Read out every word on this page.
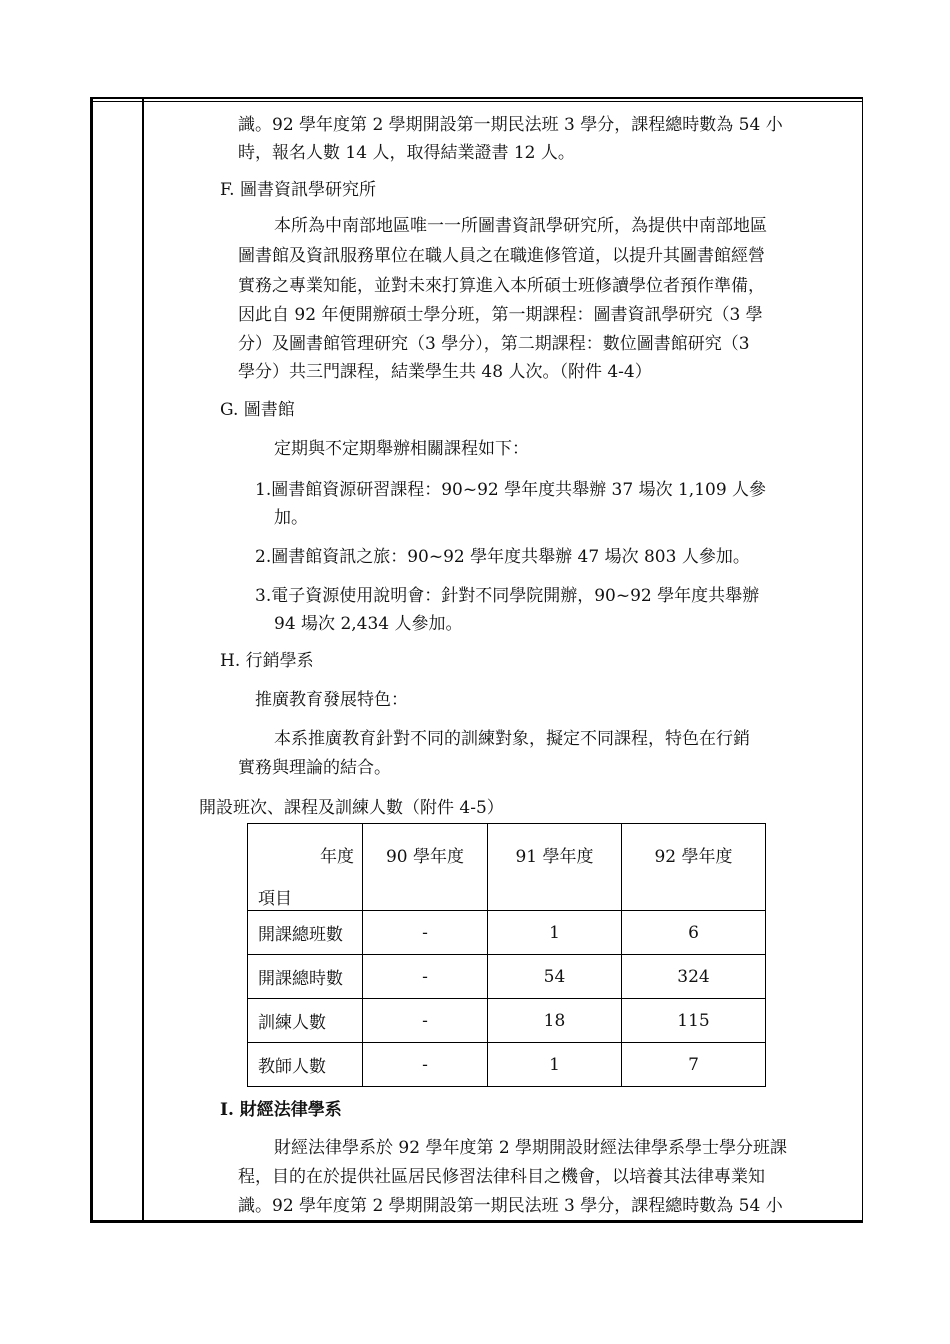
識。92 學年度第 2 學期開設第一期民法班 3 學分，課程總時數為 54 小
時，報名人數 14 人，取得結業證書 12 人。
F. 圖書資訊學研究所
本所為中南部地區唯一一所圖書資訊學研究所，為提供中南部地區
圖書館及資訊服務單位在職人員之在職進修管道，以提升其圖書館經營
實務之專業知能，並對未來打算進入本所碩士班修讀學位者預作準備，
因此自 92 年便開辦碩士學分班，第一期課程：圖書資訊學研究（3 學
分）及圖書館管理研究（3 學分），第二期課程：數位圖書館研究（3
學分）共三門課程，結業學生共 48 人次。（附件 4-4）
G. 圖書館
定期與不定期舉辦相關課程如下：
1.圖書館資源研習課程：90~92 學年度共舉辦 37 場次 1,109 人參
加。
2.圖書館資訊之旅：90~92 學年度共舉辦 47 場次 803 人參加。
3.電子資源使用說明會：針對不同學院開辦，90~92 學年度共舉辦
94 場次 2,434 人參加。
H. 行銷學系
推廣教育發展特色：
本系推廣教育針對不同的訓練對象，擬定不同課程，特色在行銷
實務與理論的結合。
開設班次、課程及訓練人數（附件 4-5）
年度
項目	90 學年度	91 學年度	92 學年度
開課總班數	-	1	6
開課總時數	-	54	324
訓練人數	-	18	115
教師人數	-	1	7
I. 財經法律學系
財經法律學系於 92 學年度第 2 學期開設財經法律學系學士學分班課
程，目的在於提供社區居民修習法律科目之機會，以培養其法律專業知
識。92 學年度第 2 學期開設第一期民法班 3 學分，課程總時數為 54 小
